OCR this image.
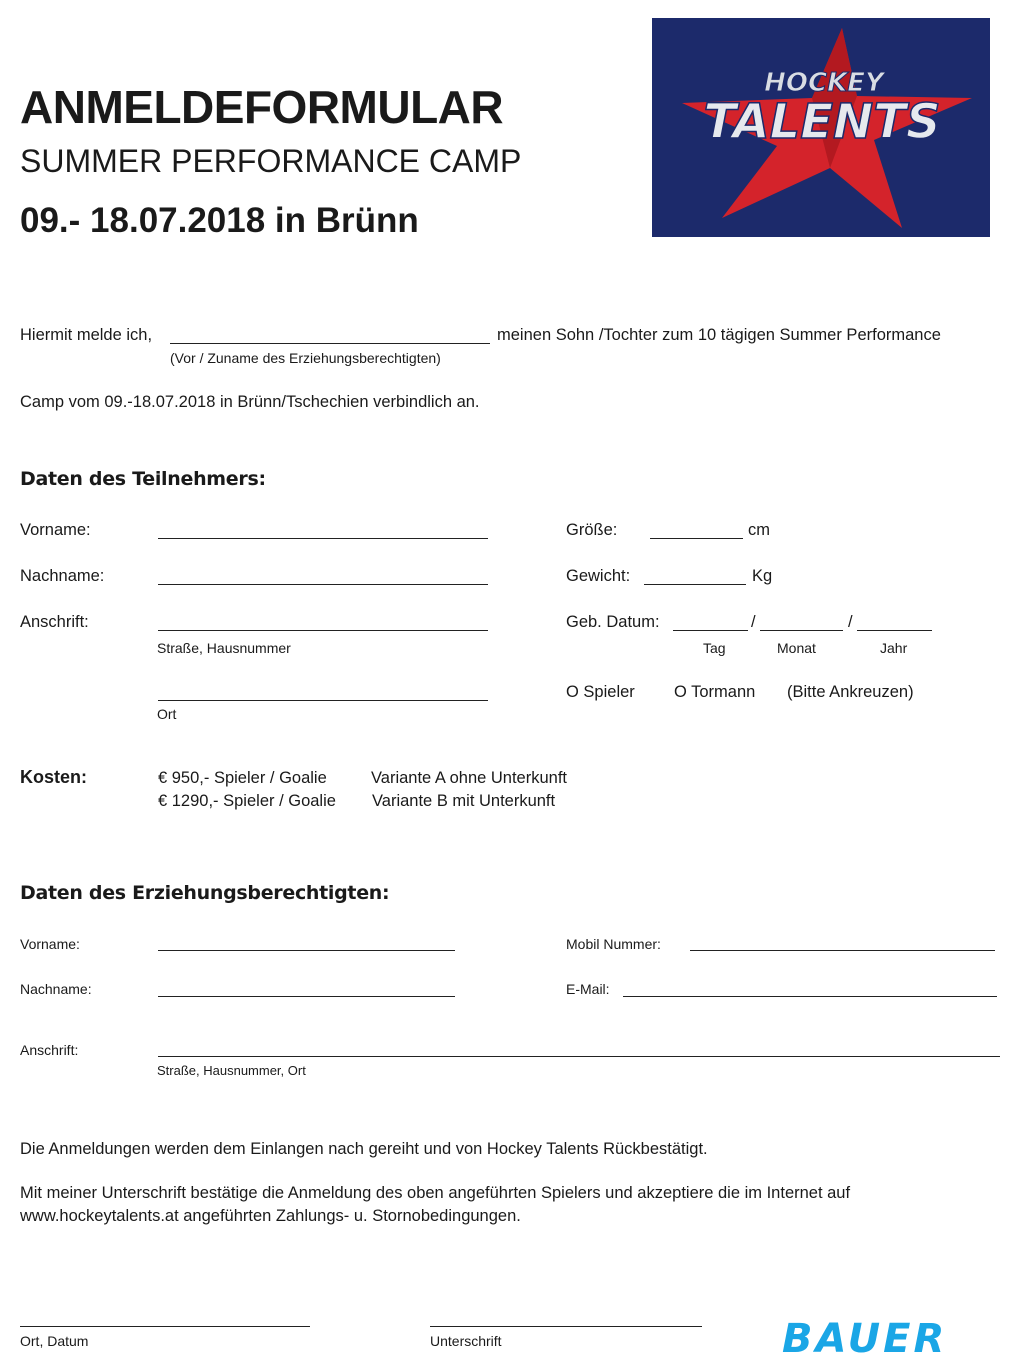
ANMELDEFORMULAR
SUMMER PERFORMANCE CAMP
09.- 18.07.2018 in Brünn
HOCKEY
TALENTS
Hiermit melde ich,	meinen Sohn /Tochter zum 10 tägigen Summer Performance
(Vor / Zuname des Erziehungsberechtigten)
Camp vom 09.-18.07.2018 in Brünn/Tschechien verbindlich an.
Daten des Teilnehmers:
Vorname:
Nachname:
Anschrift:
Straße, Hausnummer
Ort
Größe:	cm
Gewicht:	Kg
Geb. Datum:	/	/
Tag	Monat	Jahr
O Spieler O Tormann (Bitte Ankreuzen)
Kosten:	€ 950,- Spieler / Goalie	Variante A ohne Unterkunft
€ 1290,- Spieler / Goalie Variante B mit Unterkunft
Daten des Erziehungsberechtigten:
Vorname:
Nachname:
Mobil Nummer:
E-Mail:
Anschrift:
Straße, Hausnummer, Ort
Die Anmeldungen werden dem Einlangen nach gereiht und von Hockey Talents Rückbestätigt.
Mit meiner Unterschrift bestätige die Anmeldung des oben angeführten Spielers und akzeptiere die im Internet auf
www.hockeytalents.at angeführten Zahlungs- u. Stornobedingungen.
Ort, Datum	Unterschrift	BAUER
